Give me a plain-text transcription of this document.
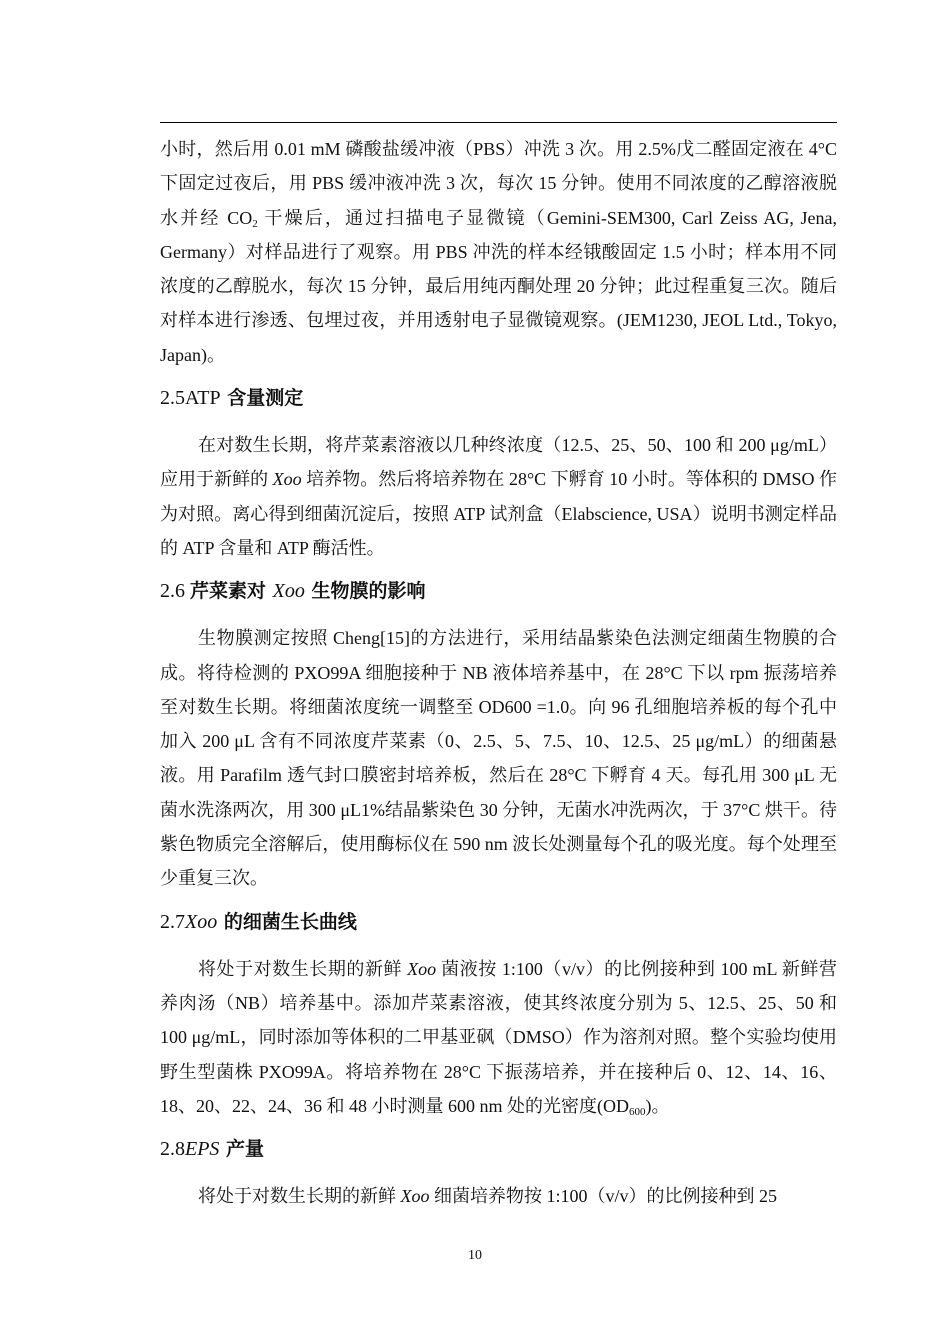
小时，然后用 0.01 mM 磷酸盐缓冲液（PBS）冲洗 3 次。用 2.5%戊二醛固定液在 4°C 下固定过夜后，用 PBS 缓冲液冲洗 3 次，每次 15 分钟。使用不同浓度的乙醇溶液脱水并经 $CO_2$ 干燥后，通过扫描电子显微镜（Gemini-SEM300, Carl Zeiss AG, Jena, Germany）对样品进行了观察。用 PBS 冲洗的样本经锇酸固定 1.5 小时；样本用不同浓度的乙醇脱水，每次 15 分钟，最后用纯丙酮处理 20 分钟；此过程重复三次。随后对样本进行渗透、包埋过夜，并用透射电子显微镜观察。(JEM1230, JEOL Ltd., Tokyo, Japan)。

2.5ATP 含量测定

在对数生长期，将芹菜素溶液以几种终浓度（12.5、25、50、100 和 200 μg/mL）应用于新鲜的 Xoo 培养物。然后将培养物在 28°C 下孵育 10 小时。等体积的 DMSO 作为对照。离心得到细菌沉淀后，按照 ATP 试剂盒（Elabscience, USA）说明书测定样品的 ATP 含量和 ATP 酶活性。

2.6 芹菜素对 Xoo 生物膜的影响

生物膜测定按照 Cheng[15]的方法进行，采用结晶紫染色法测定细菌生物膜的合成。将待检测的 PXO99A 细胞接种于 NB 液体培养基中，在 28°C 下以 rpm 振荡培养至对数生长期。将细菌浓度统一调整至 OD600 =1.0。向 96 孔细胞培养板的每个孔中加入 200 μL 含有不同浓度芹菜素（0、2.5、5、7.5、10、12.5、25 μg/mL）的细菌悬液。用 Parafilm 透气封口膜密封培养板，然后在 28°C 下孵育 4 天。每孔用 300 μL 无菌水洗涤两次，用 300 μL1%结晶紫染色 30 分钟，无菌水冲洗两次，于 37°C 烘干。待紫色物质完全溶解后，使用酶标仪在 590 nm 波长处测量每个孔的吸光度。每个处理至少重复三次。

2.7Xoo 的细菌生长曲线

将处于对数生长期的新鲜 Xoo 菌液按 1:100（v/v）的比例接种到 100 mL 新鲜营养肉汤（NB）培养基中。添加芹菜素溶液，使其终浓度分别为 5、12.5、25、50 和 100 μg/mL，同时添加等体积的二甲基亚砜（DMSO）作为溶剂对照。整个实验均使用野生型菌株 PXO99A。将培养物在 28°C 下振荡培养，并在接种后 0、12、14、16、18、20、22、24、36 和 48 小时测量 600 nm 处的光密度$(OD_{600})$。

2.8EPS 产量

将处于对数生长期的新鲜 Xoo 细菌培养物按 1:100（v/v）的比例接种到 25

10
